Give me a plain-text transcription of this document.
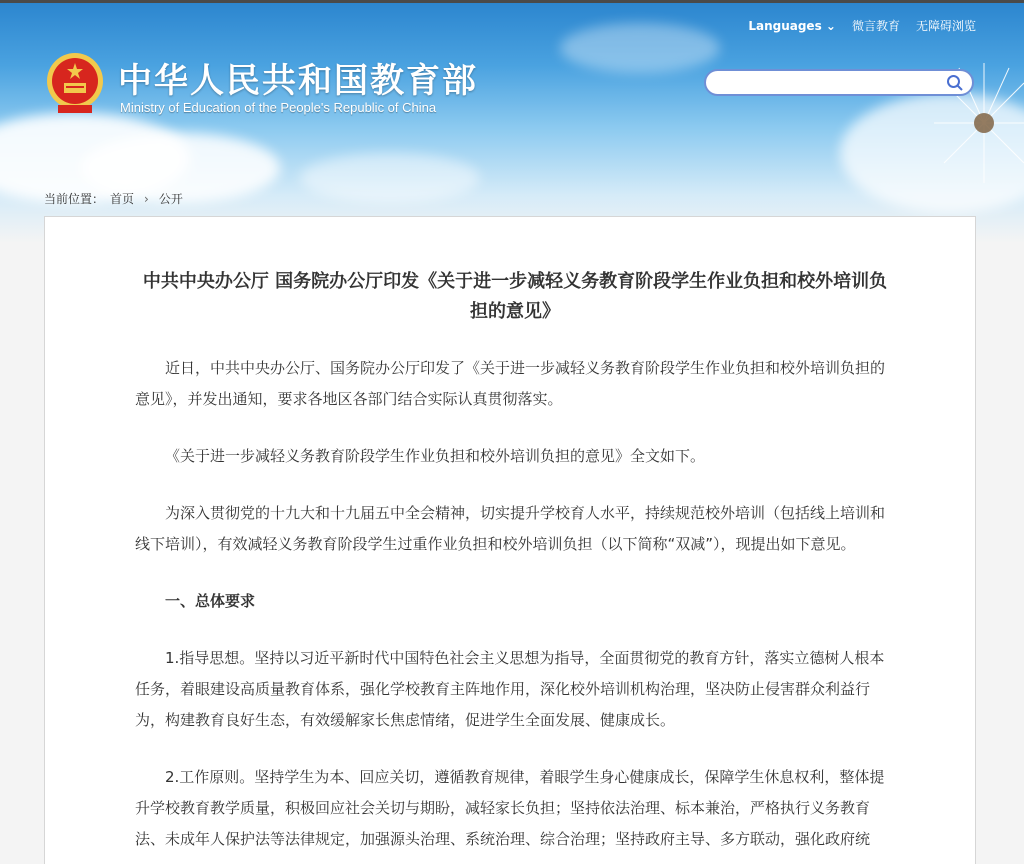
Languages ⌄ 微言教育 无障碍浏览
中华人民共和国教育部
Ministry of Education of the People's Republic of China
当前位置： 首页 › 公开
中共中央办公厅 国务院办公厅印发《关于进一步减轻义务教育阶段学生作业负担和校外培训负担的意见》

近日，中共中央办公厅、国务院办公厅印发了《关于进一步减轻义务教育阶段学生作业负担和校外培训负担的意见》，并发出通知，要求各地区各部门结合实际认真贯彻落实。

《关于进一步减轻义务教育阶段学生作业负担和校外培训负担的意见》全文如下。

为深入贯彻党的十九大和十九届五中全会精神，切实提升学校育人水平，持续规范校外培训（包括线上培训和线下培训），有效减轻义务教育阶段学生过重作业负担和校外培训负担（以下简称“双减”），现提出如下意见。

一、总体要求

1.指导思想。坚持以习近平新时代中国特色社会主义思想为指导，全面贯彻党的教育方针，落实立德树人根本任务，着眼建设高质量教育体系，强化学校教育主阵地作用，深化校外培训机构治理，坚决防止侵害群众利益行为，构建教育良好生态，有效缓解家长焦虑情绪，促进学生全面发展、健康成长。

2.工作原则。坚持学生为本、回应关切，遵循教育规律，着眼学生身心健康成长，保障学生休息权利，整体提升学校教育教学质量，积极回应社会关切与期盼，减轻家长负担；坚持依法治理、标本兼治，严格执行义务教育法、未成年人保护法等法律规定，加强源头治理、系统治理、综合治理；坚持政府主导、多方联动，强化政府统
